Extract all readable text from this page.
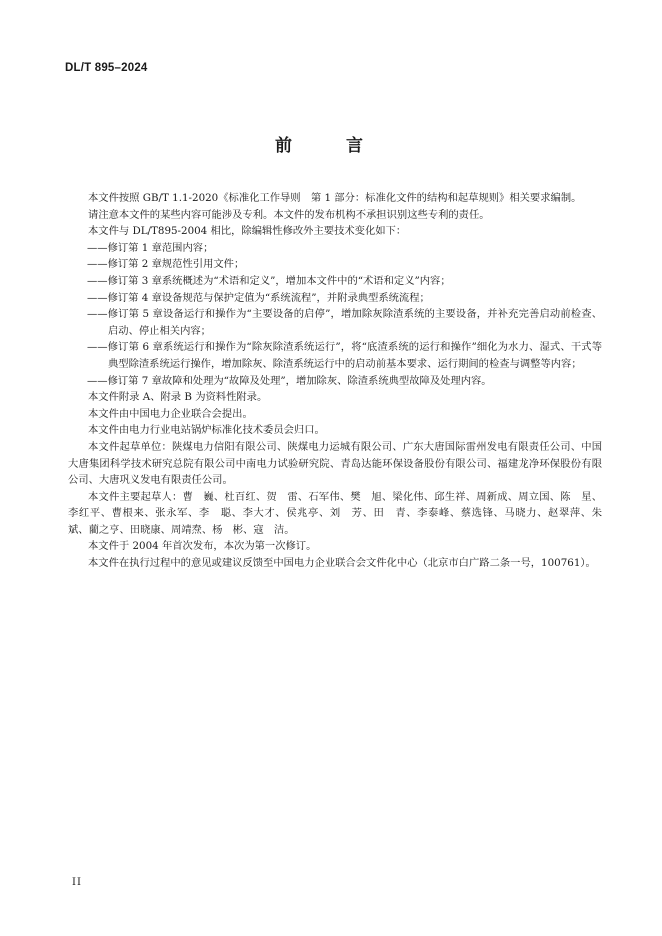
DL/T 895–2024
前 言

本文件按照 GB/T 1.1-2020《标准化工作导则　第 1 部分：标准化文件的结构和起草规则》相关要求编制。

请注意本文件的某些内容可能涉及专利。本文件的发布机构不承担识别这些专利的责任。

本文件与 DL/T895-2004 相比，除编辑性修改外主要技术变化如下：

——修订第 1 章范围内容；

——修订第 2 章规范性引用文件；

——修订第 3 章系统概述为“术语和定义”，增加本文件中的“术语和定义”内容；

——修订第 4 章设备规范与保护定值为“系统流程”，并附录典型系统流程；

——修订第 5 章设备运行和操作为“主要设备的启停”，增加除灰除渣系统的主要设备，并补充完善启动前检查、启动、停止相关内容；

——修订第 6 章系统运行和操作为“除灰除渣系统运行”，将“底渣系统的运行和操作”细化为水力、湿式、干式等典型除渣系统运行操作，增加除灰、除渣系统运行中的启动前基本要求、运行期间的检查与调整等内容；

——修订第 7 章故障和处理为“故障及处理”，增加除灰、除渣系统典型故障及处理内容。

本文件附录 A、附录 B 为资料性附录。

本文件由中国电力企业联合会提出。

本文件由电力行业电站锅炉标准化技术委员会归口。

本文件起草单位：陕煤电力信阳有限公司、陕煤电力运城有限公司、广东大唐国际雷州发电有限责任公司、中国大唐集团科学技术研究总院有限公司中南电力试验研究院、青岛达能环保设备股份有限公司、福建龙净环保股份有限公司、大唐巩义发电有限责任公司。

本文件主要起草人：曹　巍、杜百红、贺　雷、石军伟、樊　旭、梁化伟、邱生祥、周新成、周立国、陈　星、李红平、曹根来、张永军、李　聪、李大才、侯兆亭、刘　芳、田　青、李泰峰、蔡选锋、马晓力、赵翠萍、朱　斌、藺之亨、田晓康、周靖焘、杨　彬、寇　洁。

本文件于 2004 年首次发布，本次为第一次修订。

本文件在执行过程中的意见或建议反馈至中国电力企业联合会文件化中心（北京市白广路二条一号，100761）。

II
